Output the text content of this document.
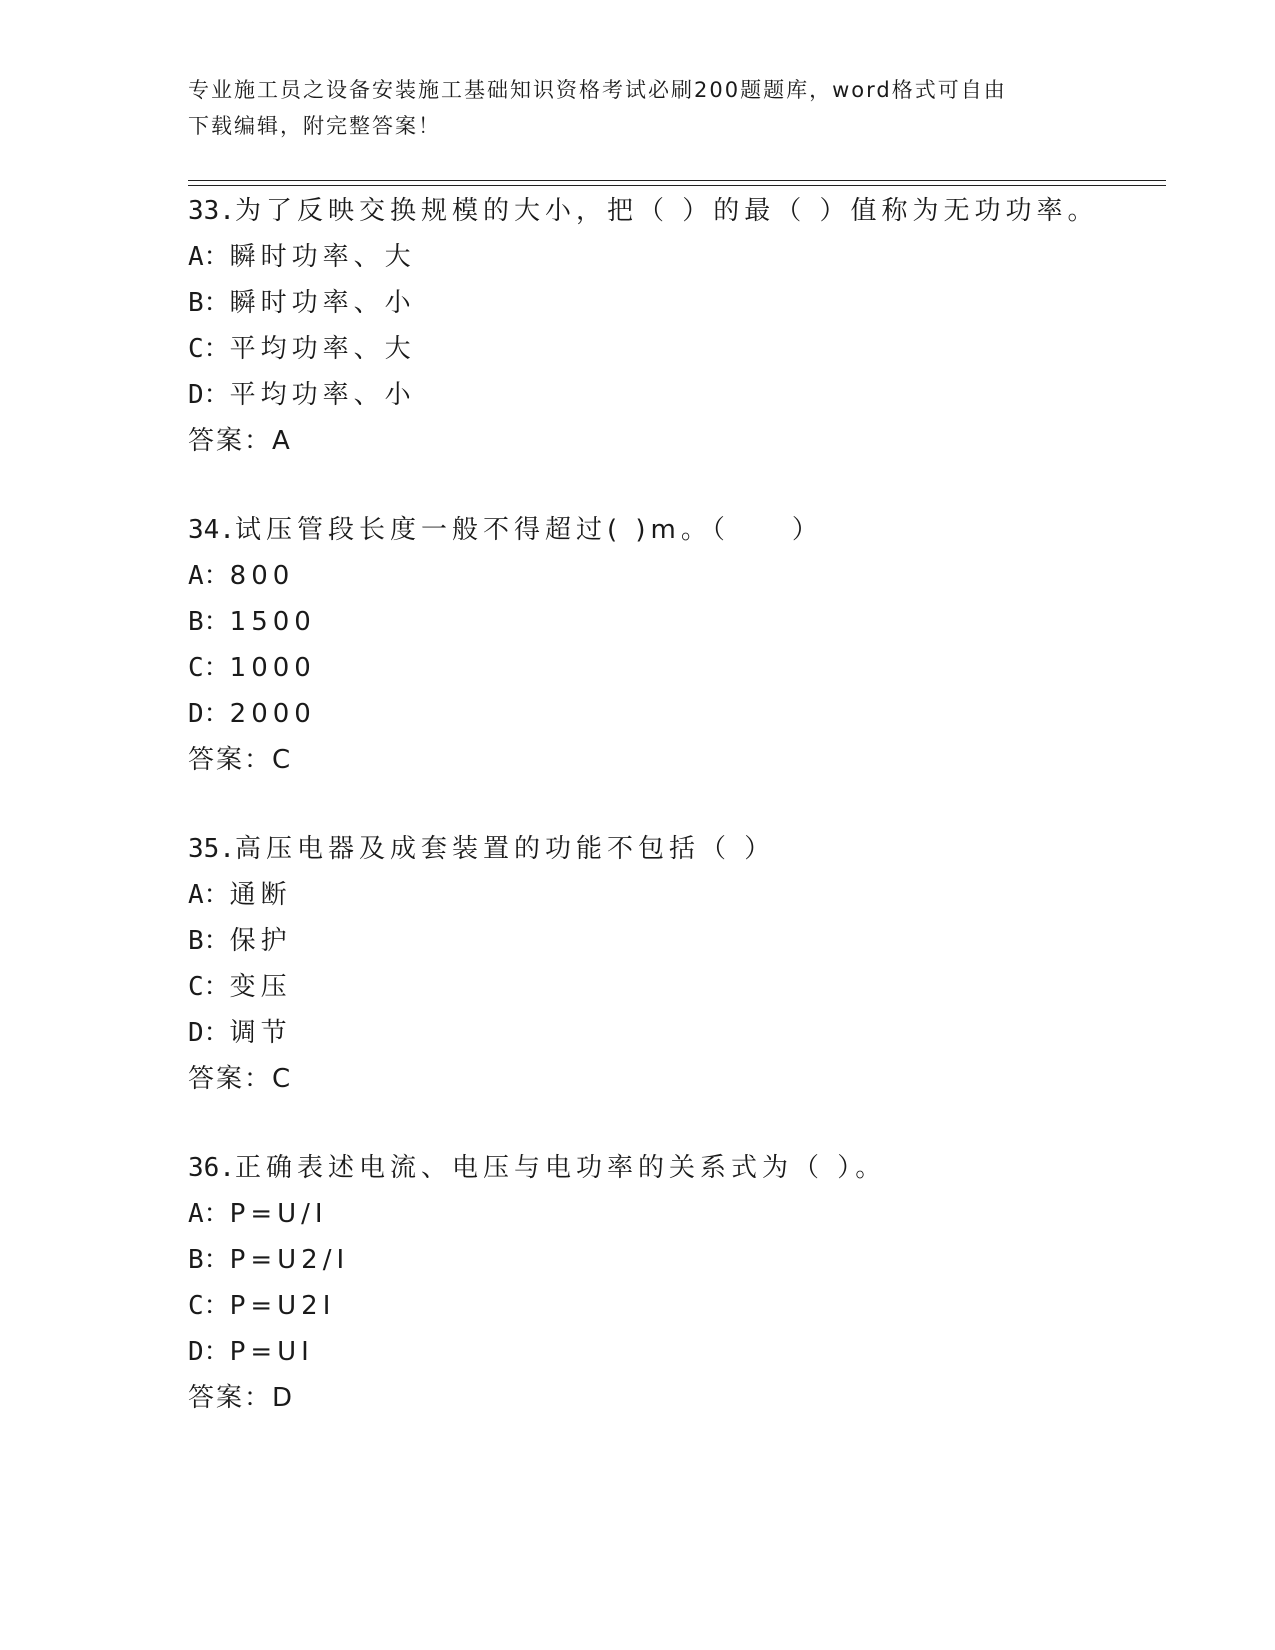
专业施工员之设备安装施工基础知识资格考试必刷200题题库，word格式可自由
下载编辑，附完整答案！
33.为了反映交换规模的大小，把（ ）的最（ ）值称为无功功率。
A：瞬时功率、大
B：瞬时功率、小
C：平均功率、大
D：平均功率、小
答案：A
34.试压管段长度一般不得超过( )m。（　　）
A：800
B：1500
C：1000
D：2000
答案：C
35.高压电器及成套装置的功能不包括（ ）
A：通断
B：保护
C：变压
D：调节
答案：C
36.正确表述电流、电压与电功率的关系式为（ ）。
A：P=U/I
B：P=U2/I
C：P=U2I
D：P=UI
答案：D
